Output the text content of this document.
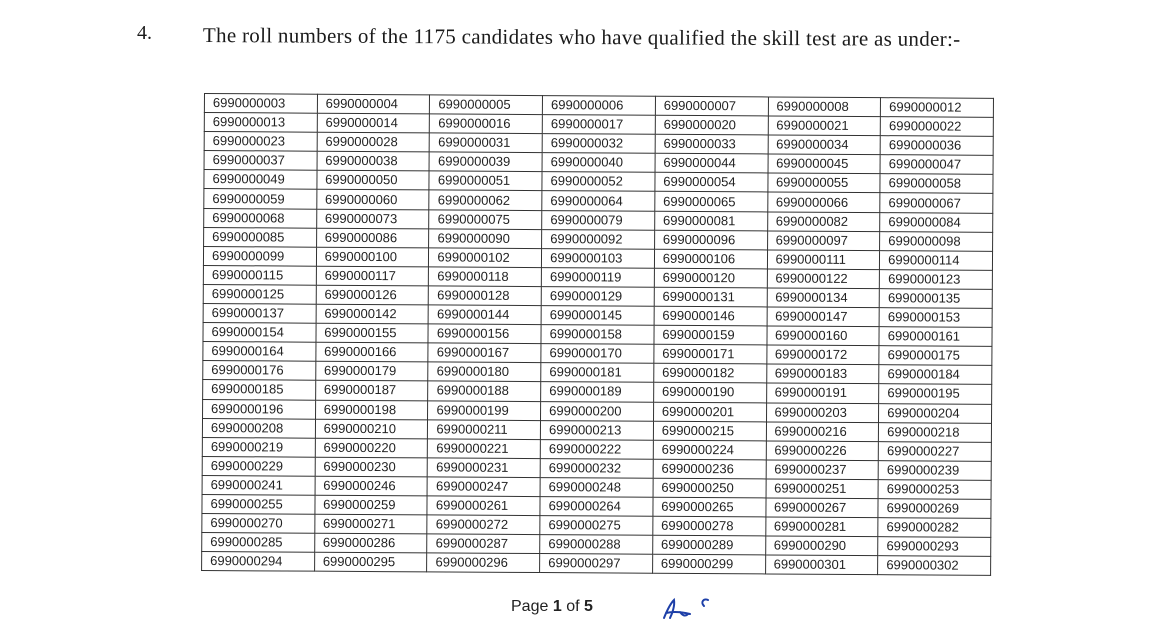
4. The roll numbers of the 1175 candidates who have qualified the skill test are as under:-
6990000003	6990000004	6990000005	6990000006	6990000007	6990000008	6990000012
6990000013	6990000014	6990000016	6990000017	6990000020	6990000021	6990000022
6990000023	6990000028	6990000031	6990000032	6990000033	6990000034	6990000036
6990000037	6990000038	6990000039	6990000040	6990000044	6990000045	6990000047
6990000049	6990000050	6990000051	6990000052	6990000054	6990000055	6990000058
6990000059	6990000060	6990000062	6990000064	6990000065	6990000066	6990000067
6990000068	6990000073	6990000075	6990000079	6990000081	6990000082	6990000084
6990000085	6990000086	6990000090	6990000092	6990000096	6990000097	6990000098
6990000099	6990000100	6990000102	6990000103	6990000106	6990000111	6990000114
6990000115	6990000117	6990000118	6990000119	6990000120	6990000122	6990000123
6990000125	6990000126	6990000128	6990000129	6990000131	6990000134	6990000135
6990000137	6990000142	6990000144	6990000145	6990000146	6990000147	6990000153
6990000154	6990000155	6990000156	6990000158	6990000159	6990000160	6990000161
6990000164	6990000166	6990000167	6990000170	6990000171	6990000172	6990000175
6990000176	6990000179	6990000180	6990000181	6990000182	6990000183	6990000184
6990000185	6990000187	6990000188	6990000189	6990000190	6990000191	6990000195
6990000196	6990000198	6990000199	6990000200	6990000201	6990000203	6990000204
6990000208	6990000210	6990000211	6990000213	6990000215	6990000216	6990000218
6990000219	6990000220	6990000221	6990000222	6990000224	6990000226	6990000227
6990000229	6990000230	6990000231	6990000232	6990000236	6990000237	6990000239
6990000241	6990000246	6990000247	6990000248	6990000250	6990000251	6990000253
6990000255	6990000259	6990000261	6990000264	6990000265	6990000267	6990000269
6990000270	6990000271	6990000272	6990000275	6990000278	6990000281	6990000282
6990000285	6990000286	6990000287	6990000288	6990000289	6990000290	6990000293
6990000294	6990000295	6990000296	6990000297	6990000299	6990000301	6990000302
Page 1 of 5
